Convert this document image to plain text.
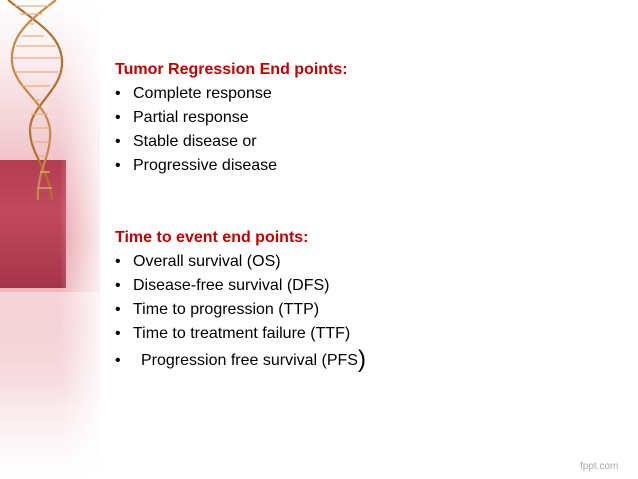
Tumor Regression End points:
• Complete response
• Partial response
• Stable disease or
• Progressive disease
Time to event end points:
• Overall survival (OS)
• Disease-free survival (DFS)
• Time to progression (TTP)
• Time to treatment failure (TTF)
• Progression free survival (PFS)
fppt.com
